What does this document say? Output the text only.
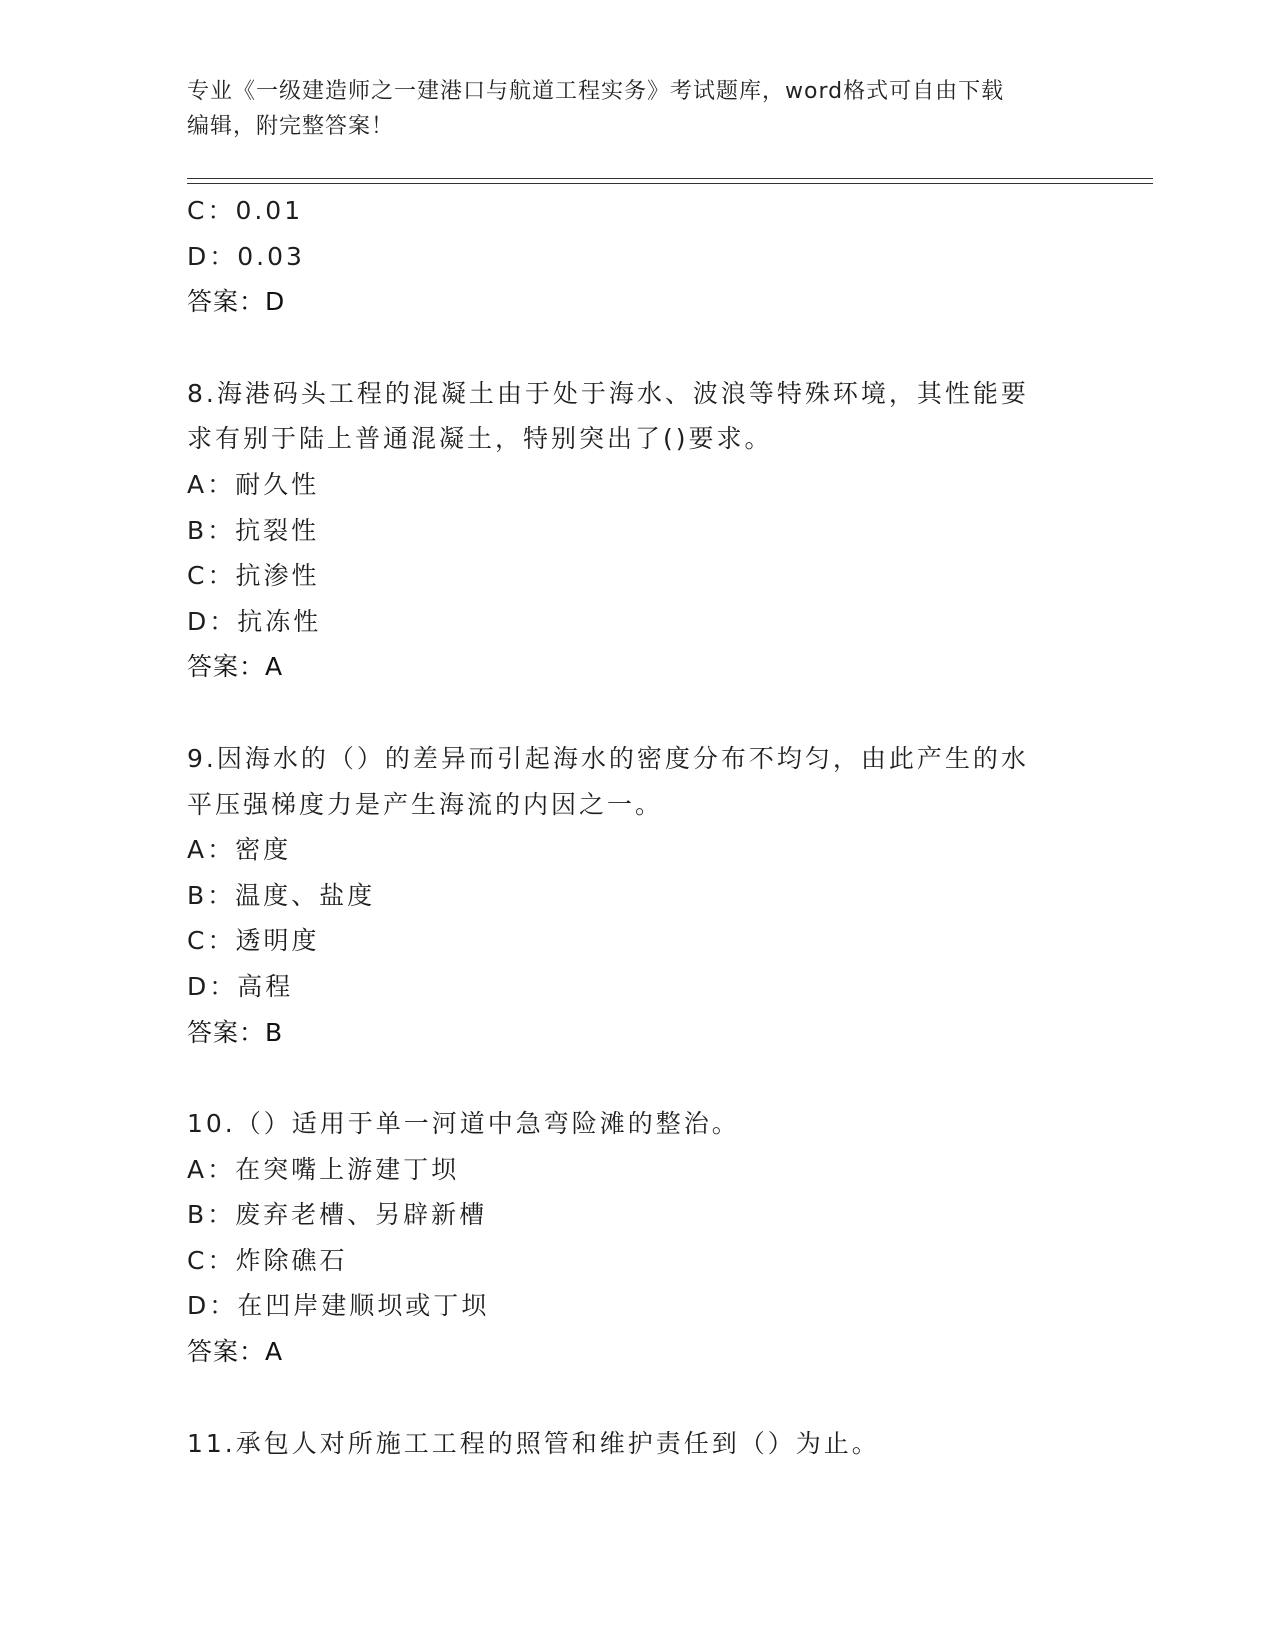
专业《一级建造师之一建港口与航道工程实务》考试题库，word格式可自由下载
编辑，附完整答案！
C：0.01
D：0.03
答案：D
8.海港码头工程的混凝土由于处于海水、波浪等特殊环境，其性能要
求有别于陆上普通混凝土，特别突出了()要求。
A：耐久性
B：抗裂性
C：抗渗性
D：抗冻性
答案：A
9.因海水的（）的差异而引起海水的密度分布不均匀，由此产生的水
平压强梯度力是产生海流的内因之一。
A：密度
B：温度、盐度
C：透明度
D：高程
答案：B
10.（）适用于单一河道中急弯险滩的整治。
A：在突嘴上游建丁坝
B：废弃老槽、另辟新槽
C：炸除礁石
D：在凹岸建顺坝或丁坝
答案：A
11.承包人对所施工工程的照管和维护责任到（）为止。
